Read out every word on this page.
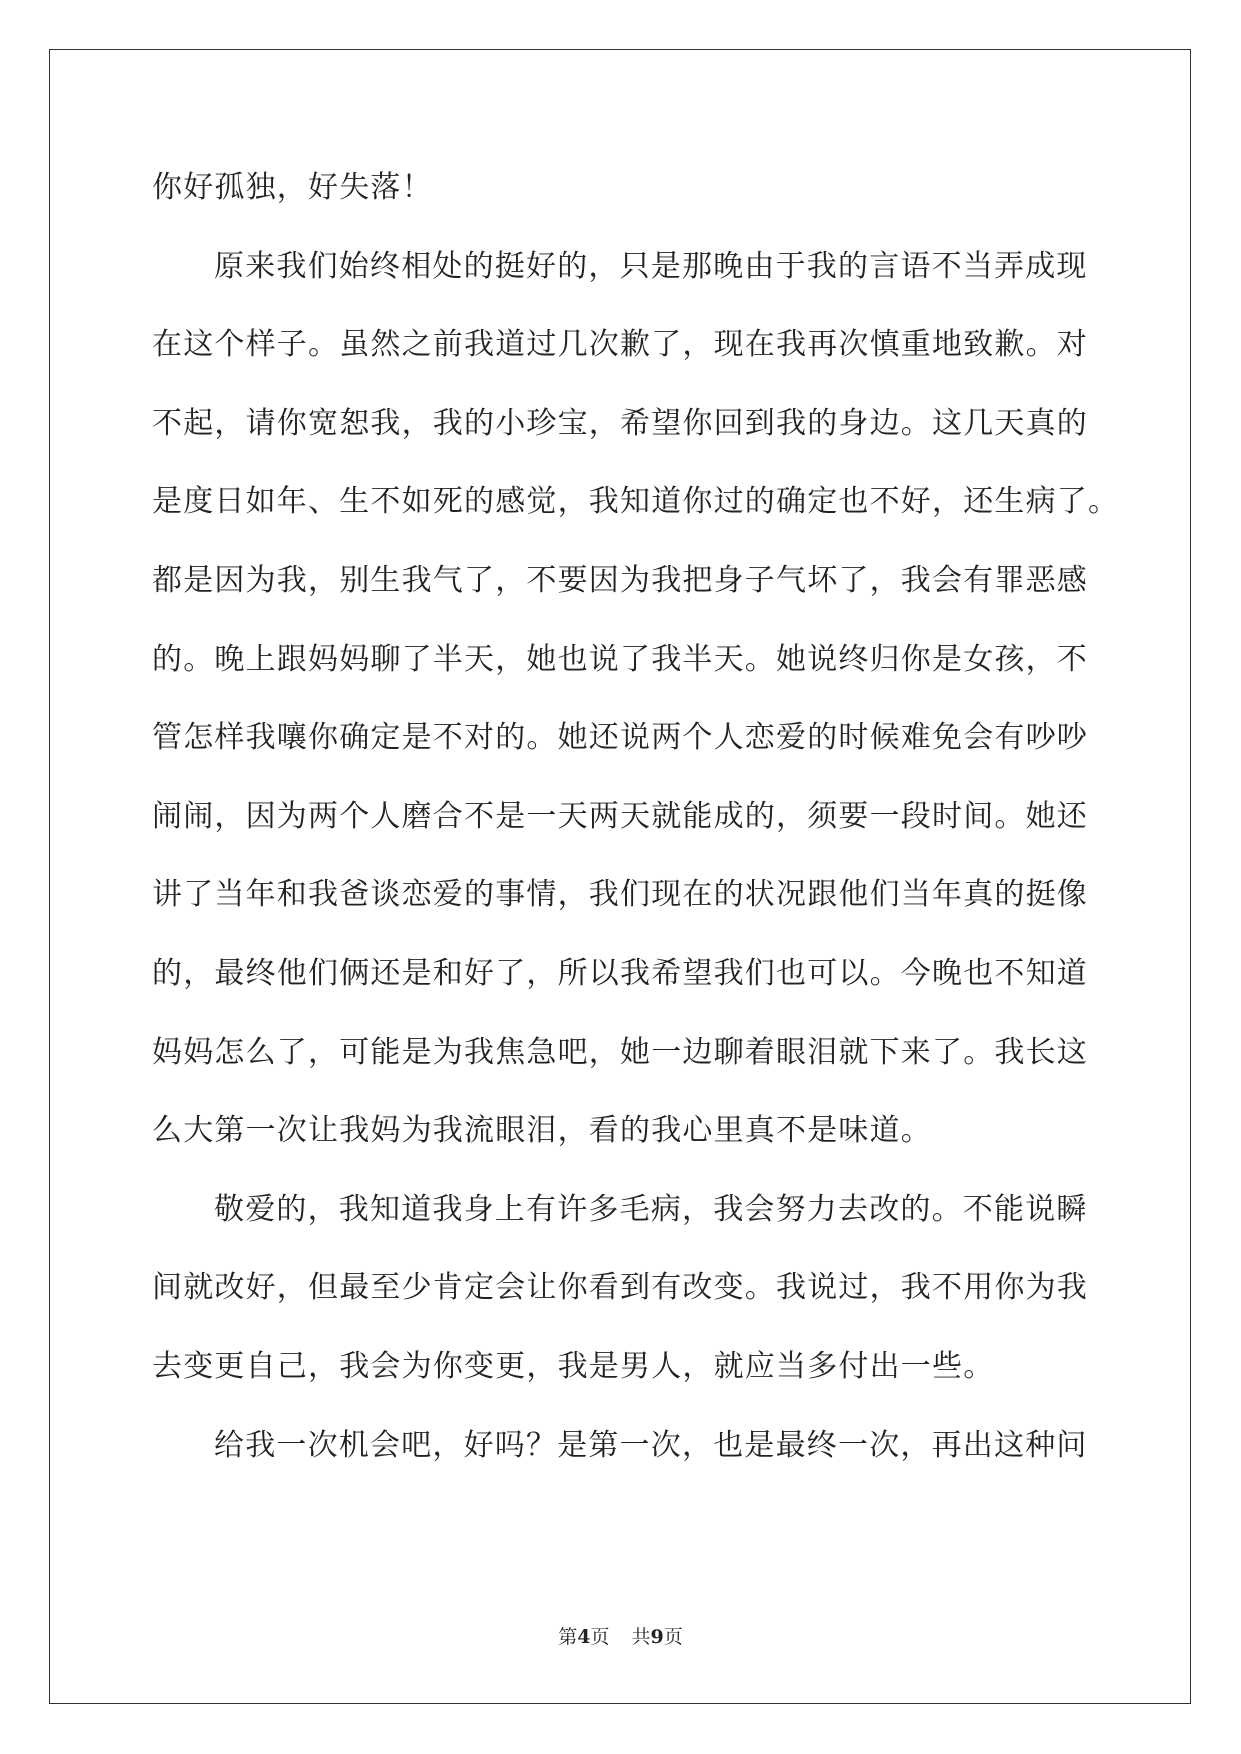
你好孤独，好失落！
原来我们始终相处的挺好的，只是那晚由于我的言语不当弄成现
在这个样子。虽然之前我道过几次歉了，现在我再次慎重地致歉。对
不起，请你宽恕我，我的小珍宝，希望你回到我的身边。这几天真的
是度日如年、生不如死的感觉，我知道你过的确定也不好，还生病了。
都是因为我，别生我气了，不要因为我把身子气坏了，我会有罪恶感
的。晚上跟妈妈聊了半天，她也说了我半天。她说终归你是女孩，不
管怎样我嚷你确定是不对的。她还说两个人恋爱的时候难免会有吵吵
闹闹，因为两个人磨合不是一天两天就能成的，须要一段时间。她还
讲了当年和我爸谈恋爱的事情，我们现在的状况跟他们当年真的挺像
的，最终他们俩还是和好了，所以我希望我们也可以。今晚也不知道
妈妈怎么了，可能是为我焦急吧，她一边聊着眼泪就下来了。我长这
么大第一次让我妈为我流眼泪，看的我心里真不是味道。
敬爱的，我知道我身上有许多毛病，我会努力去改的。不能说瞬
间就改好，但最至少肯定会让你看到有改变。我说过，我不用你为我
去变更自己，我会为你变更，我是男人，就应当多付出一些。
给我一次机会吧，好吗？是第一次，也是最终一次，再出这种问
第4页 共9页
